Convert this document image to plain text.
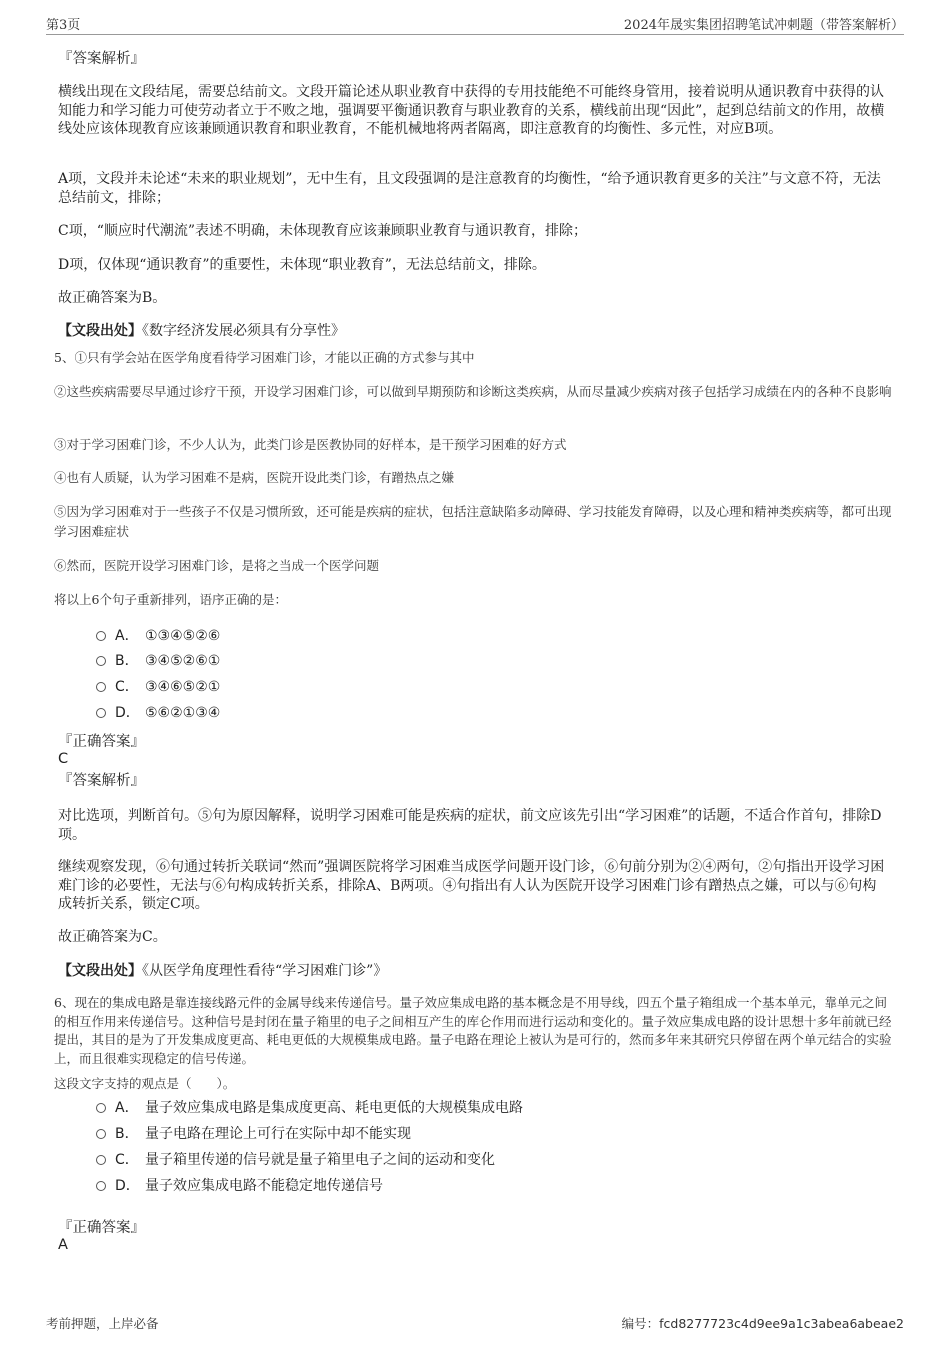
第3页	2024年晟实集团招聘笔试冲刺题（带答案解析）
『答案解析』
横线出现在文段结尾，需要总结前文。文段开篇论述从职业教育中获得的专用技能绝不可能终身管用，接着说明从通识教育中获得的认知能力和学习能力可使劳动者立于不败之地，强调要平衡通识教育与职业教育的关系，横线前出现“因此”，起到总结前文的作用，故横线处应该体现教育应该兼顾通识教育和职业教育，不能机械地将两者隔离，即注意教育的均衡性、多元性，对应B项。
A项，文段并未论述“未来的职业规划”，无中生有，且文段强调的是注意教育的均衡性，“给予通识教育更多的关注”与文意不符，无法总结前文，排除；
C项，“顺应时代潮流”表述不明确，未体现教育应该兼顾职业教育与通识教育，排除；
D项，仅体现“通识教育”的重要性，未体现“职业教育”，无法总结前文，排除。
故正确答案为B。
【文段出处】《数字经济发展必须具有分享性》
5、①只有学会站在医学角度看待学习困难门诊，才能以正确的方式参与其中
②这些疾病需要尽早通过诊疗干预，开设学习困难门诊，可以做到早期预防和诊断这类疾病，从而尽量减少疾病对孩子包括学习成绩在内的各种不良影响
③对于学习困难门诊，不少人认为，此类门诊是医教协同的好样本，是干预学习困难的好方式
④也有人质疑，认为学习困难不是病，医院开设此类门诊，有蹭热点之嫌
⑤因为学习困难对于一些孩子不仅是习惯所致，还可能是疾病的症状，包括注意缺陷多动障碍、学习技能发育障碍，以及心理和精神类疾病等，都可出现学习困难症状
⑥然而，医院开设学习困难门诊，是将之当成一个医学问题
将以上6个句子重新排列，语序正确的是：
A． ①③④⑤②⑥
B． ③④⑤②⑥①
C． ③④⑥⑤②①
D． ⑤⑥②①③④
『正确答案』
C
『答案解析』
对比选项，判断首句。⑤句为原因解释，说明学习困难可能是疾病的症状，前文应该先引出“学习困难”的话题，不适合作首句，排除D项。
继续观察发现，⑥句通过转折关联词“然而”强调医院将学习困难当成医学问题开设门诊，⑥句前分别为②④两句，②句指出开设学习困难门诊的必要性，无法与⑥句构成转折关系，排除A、B两项。④句指出有人认为医院开设学习困难门诊有蹭热点之嫌，可以与⑥句构成转折关系，锁定C项。
故正确答案为C。
【文段出处】《从医学角度理性看待“学习困难门诊”》
6、现在的集成电路是靠连接线路元件的金属导线来传递信号。量子效应集成电路的基本概念是不用导线，四五个量子箱组成一个基本单元，靠单元之间的相互作用来传递信号。这种信号是封闭在量子箱里的电子之间相互产生的库仑作用而进行运动和变化的。量子效应集成电路的设计思想十多年前就已经提出，其目的是为了开发集成度更高、耗电更低的大规模集成电路。量子电路在理论上被认为是可行的，然而多年来其研究只停留在两个单元结合的实验上，而且很难实现稳定的信号传递。
这段文字支持的观点是（　　）。
A． 量子效应集成电路是集成度更高、耗电更低的大规模集成电路
B． 量子电路在理论上可行在实际中却不能实现
C． 量子箱里传递的信号就是量子箱里电子之间的运动和变化
D． 量子效应集成电路不能稳定地传递信号
『正确答案』
A
考前押题，上岸必备	编号：fcd8277723c4d9ee9a1c3abea6abeae2
